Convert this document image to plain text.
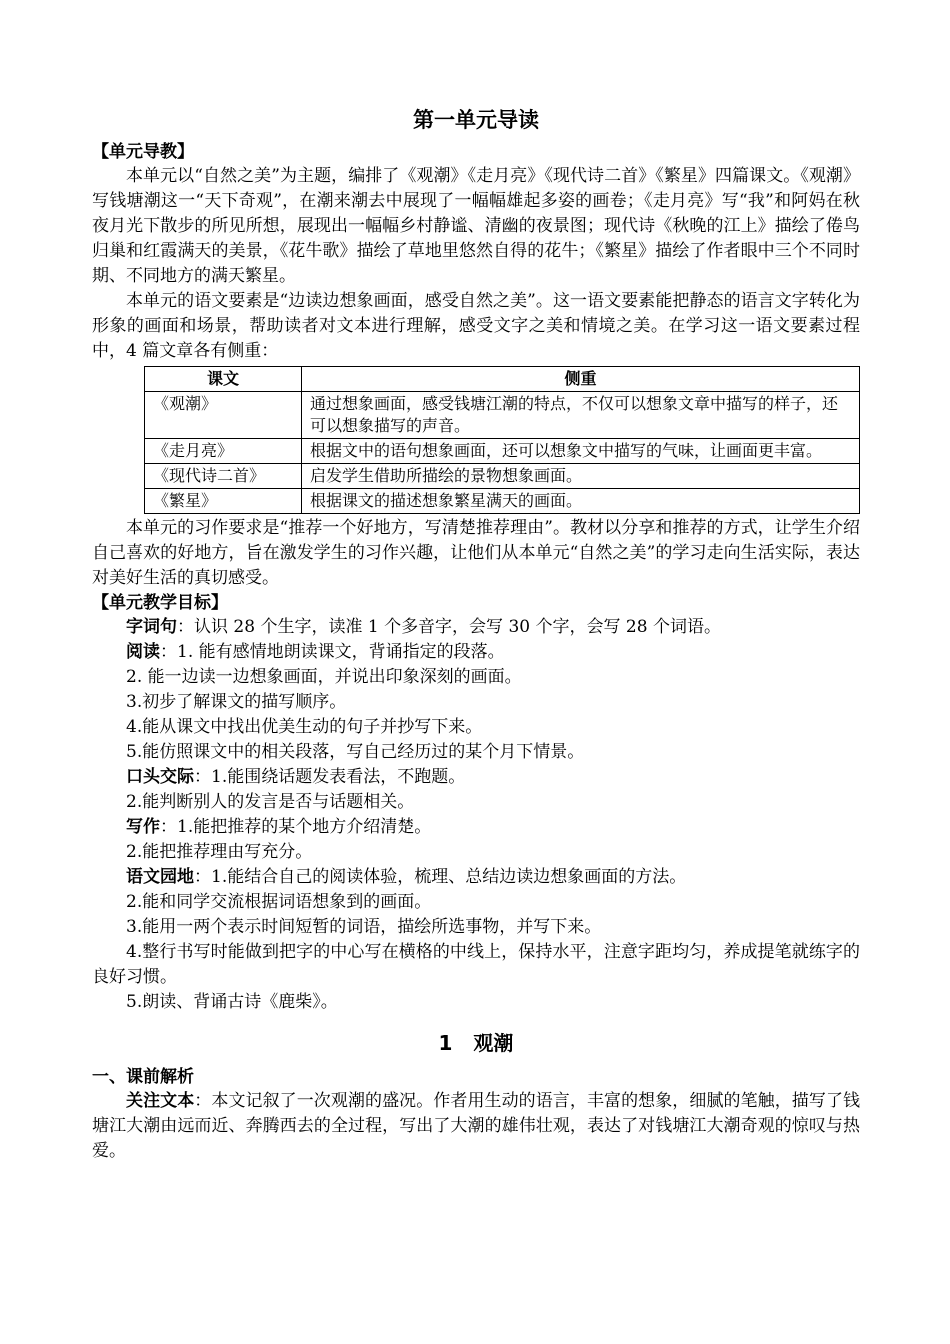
第一单元导读
【单元导教】

本单元以“自然之美”为主题，编排了《观潮》《走月亮》《现代诗二首》《繁星》四篇课文。《观潮》写钱塘潮这一“天下奇观”，在潮来潮去中展现了一幅幅雄起多姿的画卷；《走月亮》写“我”和阿妈在秋夜月光下散步的所见所想，展现出一幅幅乡村静谧、清幽的夜景图；现代诗《秋晚的江上》描绘了倦鸟归巢和红霞满天的美景，《花牛歌》描绘了草地里悠然自得的花牛；《繁星》描绘了作者眼中三个不同时期、不同地方的满天繁星。

本单元的语文要素是“边读边想象画面，感受自然之美”。这一语文要素能把静态的语言文字转化为形象的画面和场景，帮助读者对文本进行理解，感受文字之美和情境之美。在学习这一语文要素过程中，4 篇文章各有侧重：

课文	侧重
《观潮》	通过想象画面，感受钱塘江潮的特点，不仅可以想象文章中描写的样子，还可以想象描写的声音。
《走月亮》	根据文中的语句想象画面，还可以想象文中描写的气味，让画面更丰富。
《现代诗二首》	启发学生借助所描绘的景物想象画面。
《繁星》	根据课文的描述想象繁星满天的画面。

本单元的习作要求是“推荐一个好地方，写清楚推荐理由”。教材以分享和推荐的方式，让学生介绍自己喜欢的好地方，旨在激发学生的习作兴趣，让他们从本单元“自然之美”的学习走向生活实际，表达对美好生活的真切感受。

【单元教学目标】

字词句：认识 28 个生字，读准 1 个多音字，会写 30 个字，会写 28 个词语。

阅读：1. 能有感情地朗读课文，背诵指定的段落。

2. 能一边读一边想象画面，并说出印象深刻的画面。

3.初步了解课文的描写顺序。

4.能从课文中找出优美生动的句子并抄写下来。

5.能仿照课文中的相关段落，写自己经历过的某个月下情景。

口头交际：1.能围绕话题发表看法，不跑题。

2.能判断别人的发言是否与话题相关。

写作：1.能把推荐的某个地方介绍清楚。

2.能把推荐理由写充分。

语文园地：1.能结合自己的阅读体验，梳理、总结边读边想象画面的方法。

2.能和同学交流根据词语想象到的画面。

3.能用一两个表示时间短暂的词语，描绘所选事物，并写下来。

4.整行书写时能做到把字的中心写在横格的中线上，保持水平，注意字距均匀，养成提笔就练字的良好习惯。

5.朗读、背诵古诗《鹿柴》。

1 观潮
一、课前解析

关注文本：本文记叙了一次观潮的盛况。作者用生动的语言，丰富的想象，细腻的笔触，描写了钱塘江大潮由远而近、奔腾西去的全过程，写出了大潮的雄伟壮观，表达了对钱塘江大潮奇观的惊叹与热爱。
